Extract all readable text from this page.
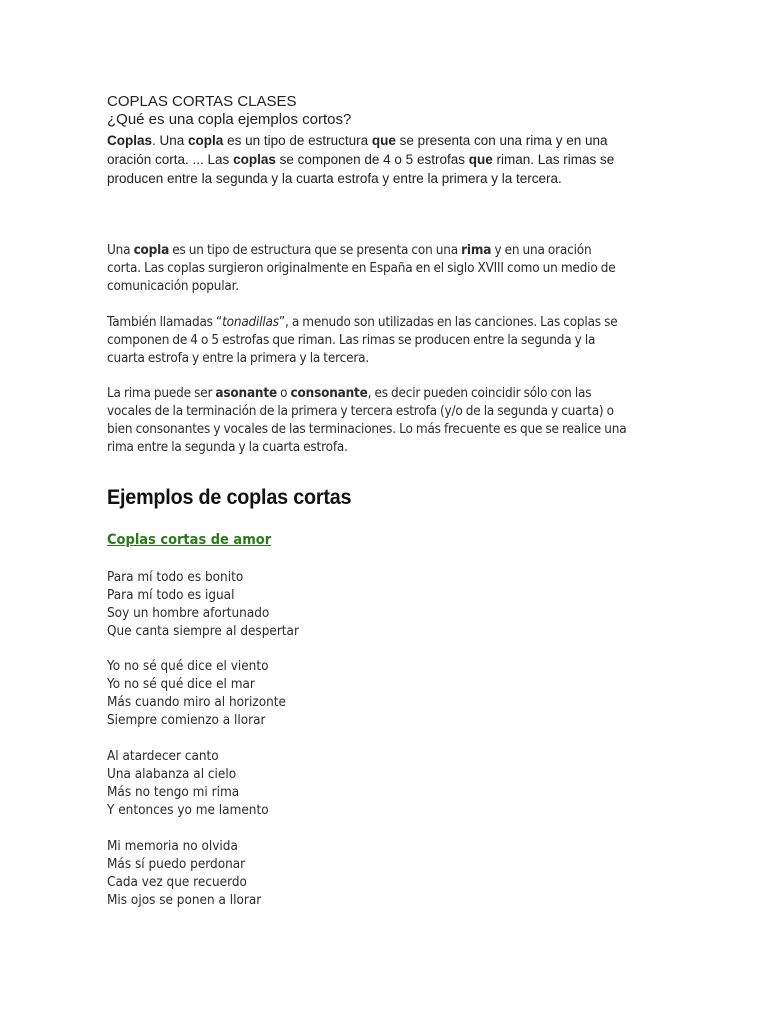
COPLAS CORTAS CLASES

¿Qué es una copla ejemplos cortos?

Coplas. Una copla es un tipo de estructura que se presenta con una rima y en una oración corta. ... Las coplas se componen de 4 o 5 estrofas que riman. Las rimas se producen entre la segunda y la cuarta estrofa y entre la primera y la tercera.

Una copla es un tipo de estructura que se presenta con una rima y en una oración corta. Las coplas surgieron originalmente en España en el siglo XVIII como un medio de comunicación popular.

También llamadas “tonadillas”, a menudo son utilizadas en las canciones. Las coplas se componen de 4 o 5 estrofas que riman. Las rimas se producen entre la segunda y la cuarta estrofa y entre la primera y la tercera.

La rima puede ser asonante o consonante, es decir pueden coincidir sólo con las vocales de la terminación de la primera y tercera estrofa (y/o de la segunda y cuarta) o bien consonantes y vocales de las terminaciones. Lo más frecuente es que se realice una rima entre la segunda y la cuarta estrofa.

Ejemplos de coplas cortas

Coplas cortas de amor

Para mí todo es bonito
Para mí todo es igual
Soy un hombre afortunado
Que canta siempre al despertar
Yo no sé qué dice el viento
Yo no sé qué dice el mar
Más cuando miro al horizonte
Siempre comienzo a llorar
Al atardecer canto
Una alabanza al cielo
Más no tengo mi rima
Y entonces yo me lamento
Mi memoria no olvida
Más sí puedo perdonar
Cada vez que recuerdo
Mis ojos se ponen a llorar
